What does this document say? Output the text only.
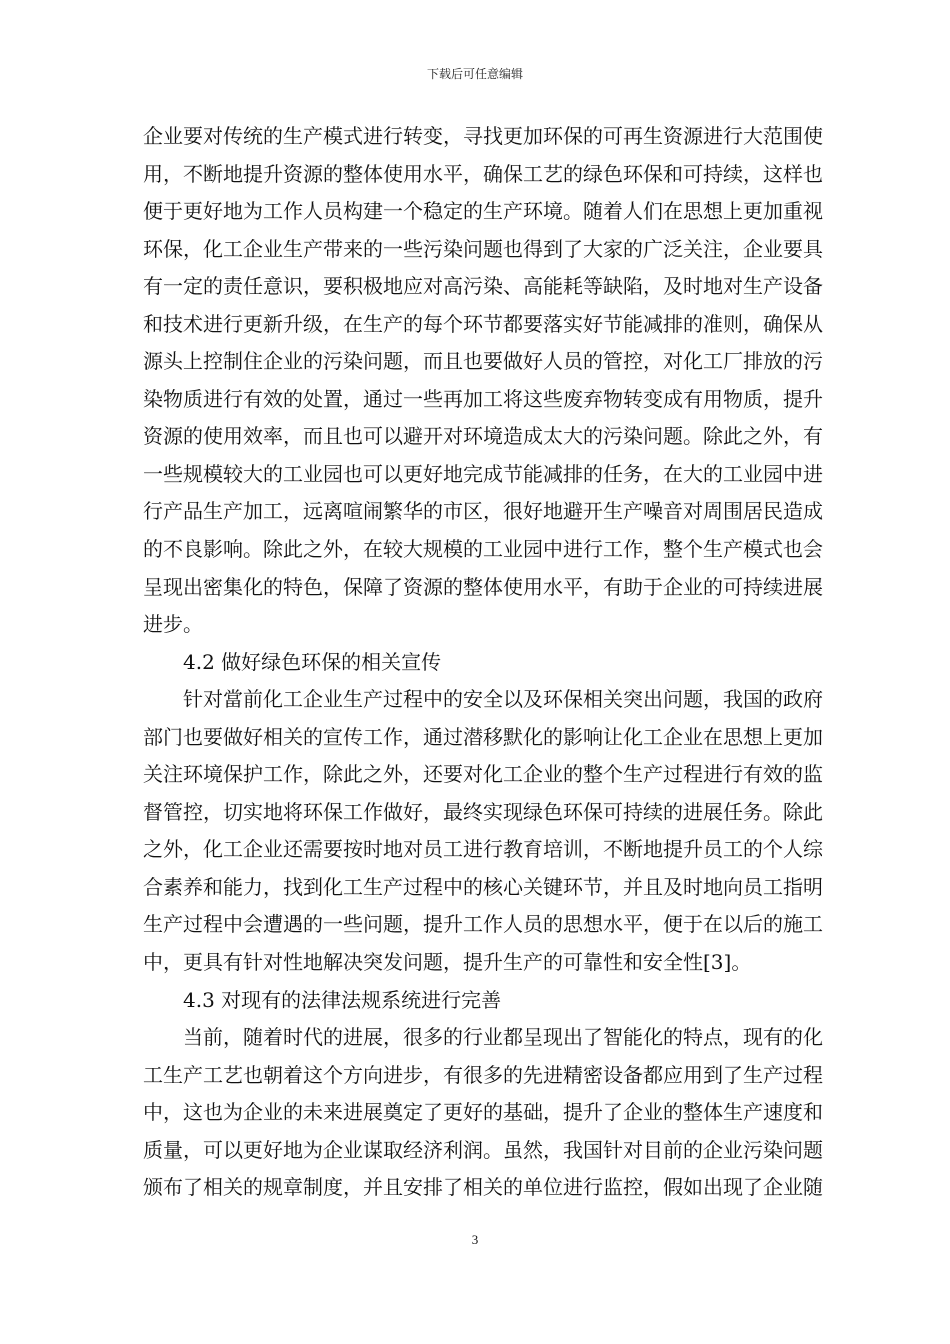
下载后可任意编辑
企业要对传统的生产模式进行转变，寻找更加环保的可再生资源进行大范围使
用，不断地提升资源的整体使用水平，确保工艺的绿色环保和可持续，这样也
便于更好地为工作人员构建一个稳定的生产环境。随着人们在思想上更加重视
环保，化工企业生产带来的一些污染问题也得到了大家的广泛关注，企业要具
有一定的责任意识，要积极地应对高污染、高能耗等缺陷，及时地对生产设备
和技术进行更新升级，在生产的每个环节都要落实好节能减排的准则，确保从
源头上控制住企业的污染问题，而且也要做好人员的管控，对化工厂排放的污
染物质进行有效的处置，通过一些再加工将这些废弃物转变成有用物质，提升
资源的使用效率，而且也可以避开对环境造成太大的污染问题。除此之外，有
一些规模较大的工业园也可以更好地完成节能减排的任务，在大的工业园中进
行产品生产加工，远离喧闹繁华的市区，很好地避开生产噪音对周围居民造成
的不良影响。除此之外，在较大规模的工业园中进行工作，整个生产模式也会
呈现出密集化的特色，保障了资源的整体使用水平，有助于企业的可持续进展
进步。
4.2 做好绿色环保的相关宣传
针对當前化工企业生产过程中的安全以及环保相关突出问题，我国的政府
部门也要做好相关的宣传工作，通过潜移默化的影响让化工企业在思想上更加
关注环境保护工作，除此之外，还要对化工企业的整个生产过程进行有效的监
督管控，切实地将环保工作做好，最终实现绿色环保可持续的进展任务。除此
之外，化工企业还需要按时地对员工进行教育培训，不断地提升员工的个人综
合素养和能力，找到化工生产过程中的核心关键环节，并且及时地向员工指明
生产过程中会遭遇的一些问题，提升工作人员的思想水平，便于在以后的施工
中，更具有针对性地解决突发问题，提升生产的可靠性和安全性[3]。
4.3 对现有的法律法规系统进行完善
当前，随着时代的进展，很多的行业都呈现出了智能化的特点，现有的化
工生产工艺也朝着这个方向进步，有很多的先进精密设备都应用到了生产过程
中，这也为企业的未来进展奠定了更好的基础，提升了企业的整体生产速度和
质量，可以更好地为企业谋取经济利润。虽然，我国针对目前的企业污染问题
颁布了相关的规章制度，并且安排了相关的单位进行监控，假如出现了企业随
3
